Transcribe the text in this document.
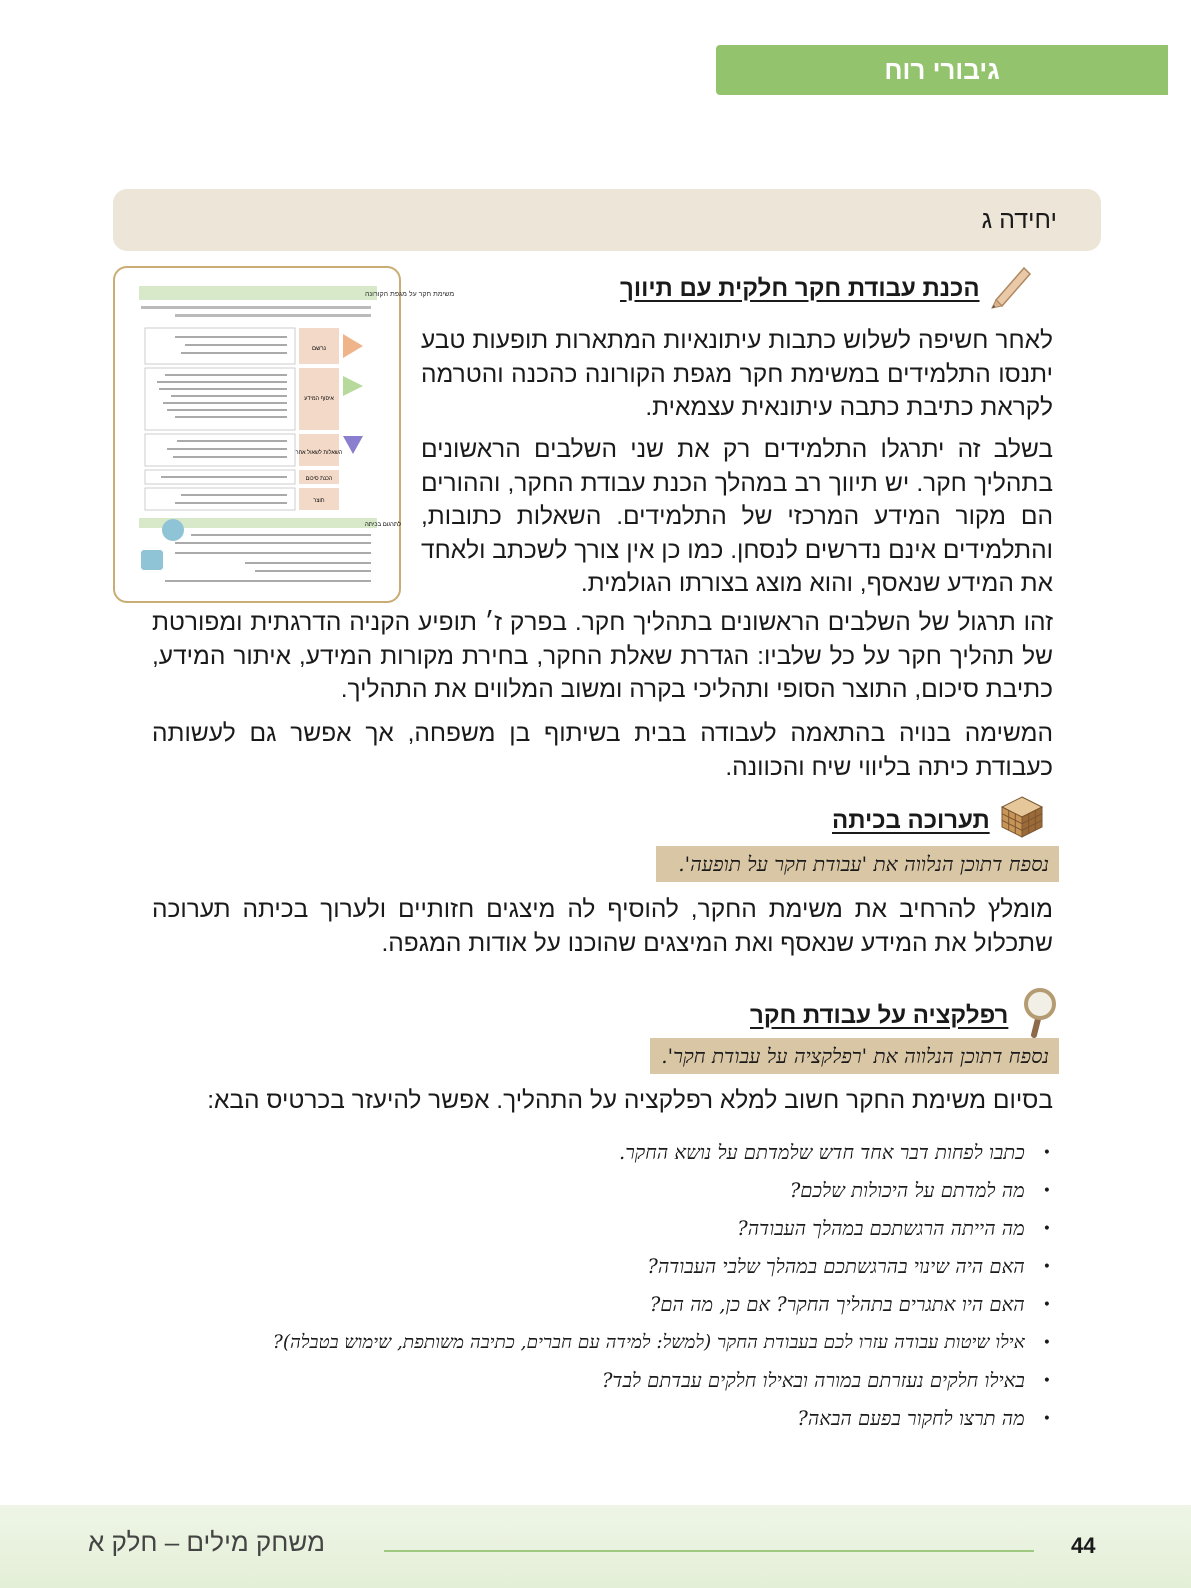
גיבורי רוח
יחידה ג
משימת חקר על מגפת הקורונה
נרשם
איסוף המידע
השאלות לשאול אחר
הכנת סיכום
תוצר
לתרגום בכיתה
הכנת עבודת חקר חלקית עם תיווך

לאחר חשיפה לשלוש כתבות עיתונאיות המתארות תופעות טבע יתנסו התלמידים במשימת חקר מגפת הקורונה כהכנה והטרמה לקראת כתיבת כתבה עיתונאית עצמאית.

בשלב זה יתרגלו התלמידים רק את שני השלבים הראשונים בתהליך חקר. יש תיווך רב במהלך הכנת עבודת החקר, וההורים הם מקור המידע המרכזי של התלמידים. השאלות כתובות, והתלמידים אינם נדרשים לנסחן. כמו כן אין צורך לשכתב ולאחד את המידע שנאסף, והוא מוצג בצורתו הגולמית.

זהו תרגול של השלבים הראשונים בתהליך חקר. בפרק ז׳ תופיע הקניה הדרגתית ומפורטת של תהליך חקר על כל שלביו: הגדרת שאלת החקר, בחירת מקורות המידע, איתור המידע, כתיבת סיכום, התוצר הסופי ותהליכי בקרה ומשוב המלווים את התהליך.

המשימה בנויה בהתאמה לעבודה בבית בשיתוף בן משפחה, אך אפשר גם לעשותה כעבודת כיתה בליווי שיח והכוונה.

תערוכה בכיתה
נספח דתוכן הנלווה את 'עבודת חקר על תופעה'.

מומלץ להרחיב את משימת החקר, להוסיף לה מיצגים חזותיים ולערוך בכיתה תערוכה שתכלול את המידע שנאסף ואת המיצגים שהוכנו על אודות המגפה.

רפלקציה על עבודת חקר
נספח דתוכן הנלווה את 'רפלקציה על עבודת חקר'.

בסיום משימת החקר חשוב למלא רפלקציה על התהליך. אפשר להיעזר בכרטיס הבא:

•
כתבו לפחות דבר אחד חדש שלמדתם על נושא החקר.
•
מה למדתם על היכולות שלכם?
•
מה הייתה הרגשתכם במהלך העבודה?
•
האם היה שינוי בהרגשתכם במהלך שלבי העבודה?
•
האם היו אתגרים בתהליך החקר? אם כן, מה הם?
•
אילו שיטות עבודה עזרו לכם בעבודת החקר (למשל: למידה עם חברים, כתיבה משותפת, שימוש בטבלה)?
•
באילו חלקים נעזרתם במורה ובאילו חלקים עבדתם לבד?
•
מה תרצו לחקור בפעם הבאה?
44
משחק מילים – חלק א
